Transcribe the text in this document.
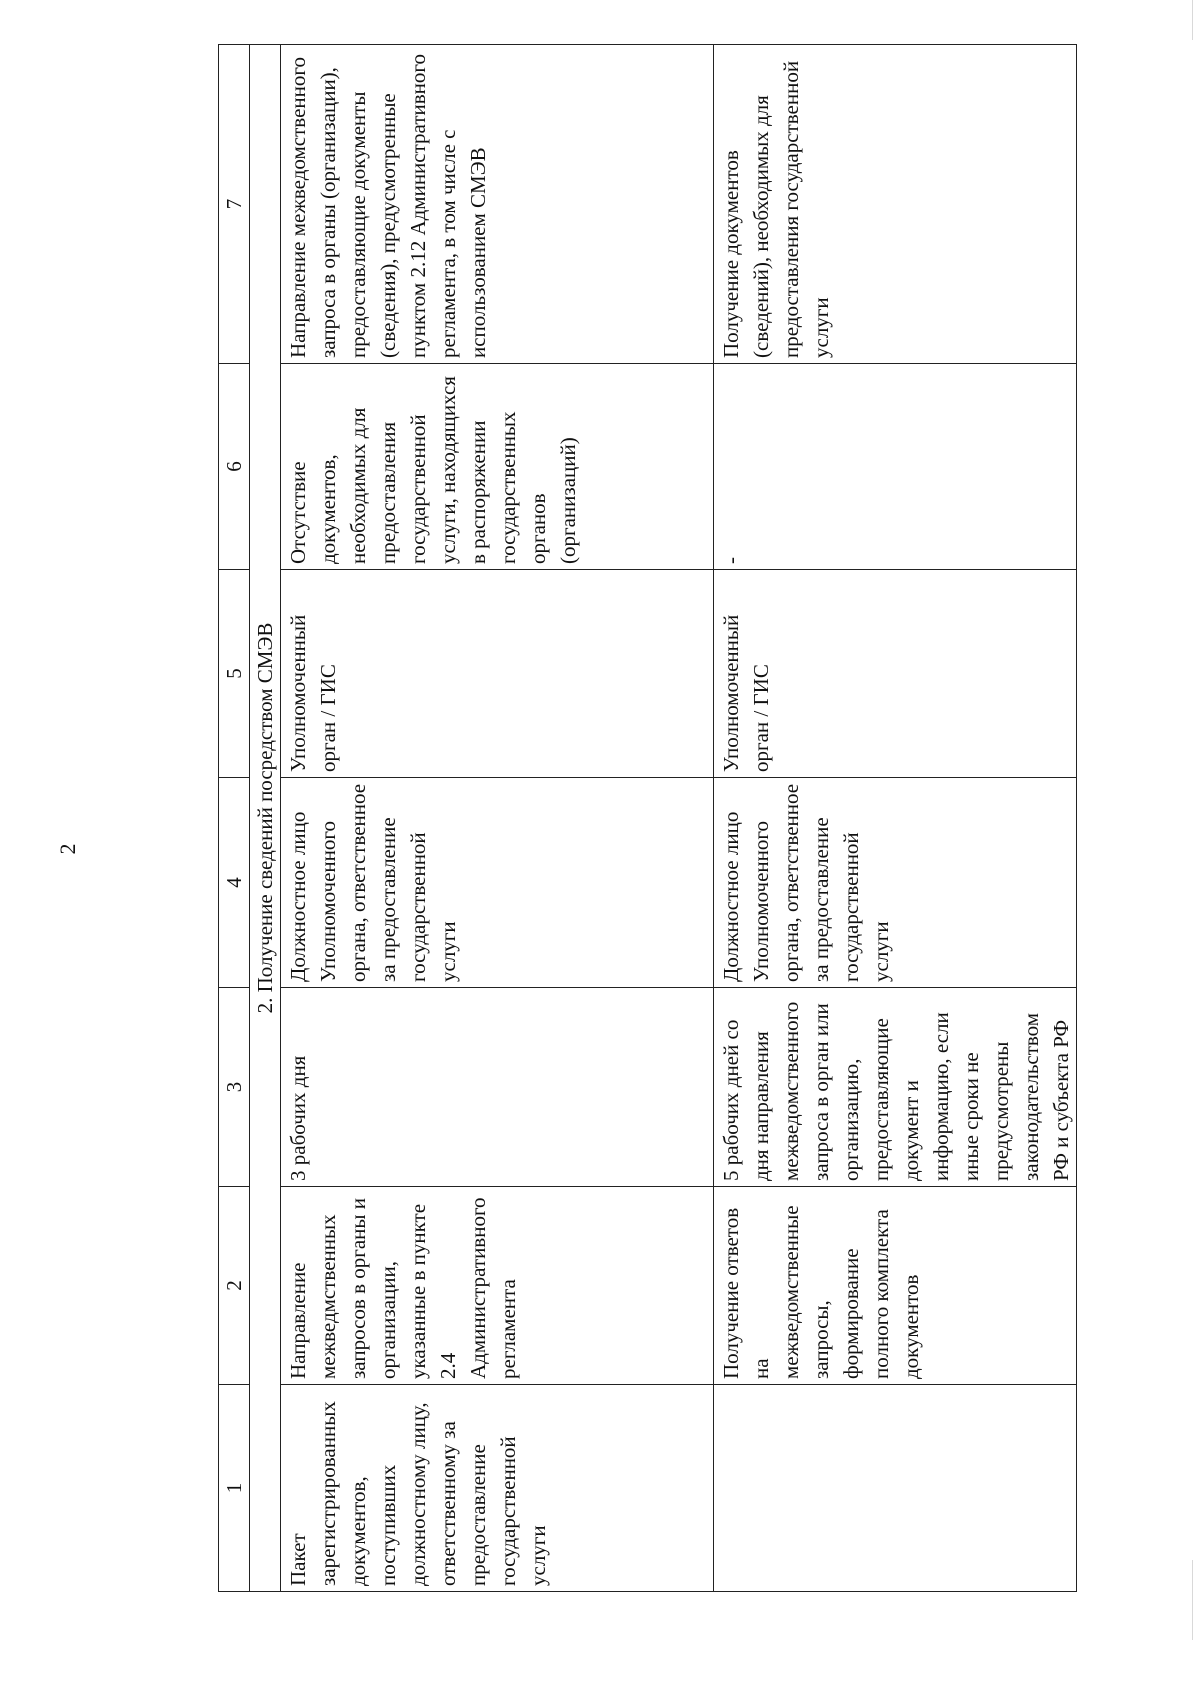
2
1	2	3	4	5	6	7
2. Получение сведений посредством СМЭВ						
Пакет зарегистрированных документов, поступивших должностному лицу, ответственному за предоставление государственной услуги	Направление межведмственных запросов в органы и организации, указанные в пункте 2.4 Административного регламента	3 рабочих дня	Должностное лицо Уполномоченного органа, ответственное за предоставление государственной услуги	Уполномоченный орган / ГИС	Отсутствие документов, необходимых для предоставления государственной услуги, находящихся в распоряжении государственных органов (организаций)	Направление межведомственного запроса в органы (организации), предоставляющие документы (сведения), предусмотренные пунктом 2.12 Административного регламента, в том числе с использованием СМЭВ
	Получение ответов на межведомственные запросы, формирование полного комплекта документов	5 рабочих дней со дня направления межведомственного запроса в орган или организацию, предоставляющие документ и информацию, если иные сроки не предусмотрены законодательством РФ и субъекта РФ	Должностное лицо Уполномоченного органа, ответственное за предоставление государственной услуги	Уполномоченный орган / ГИС	-	Получение документов (сведений), необходимых для предоставления государственной услуги
